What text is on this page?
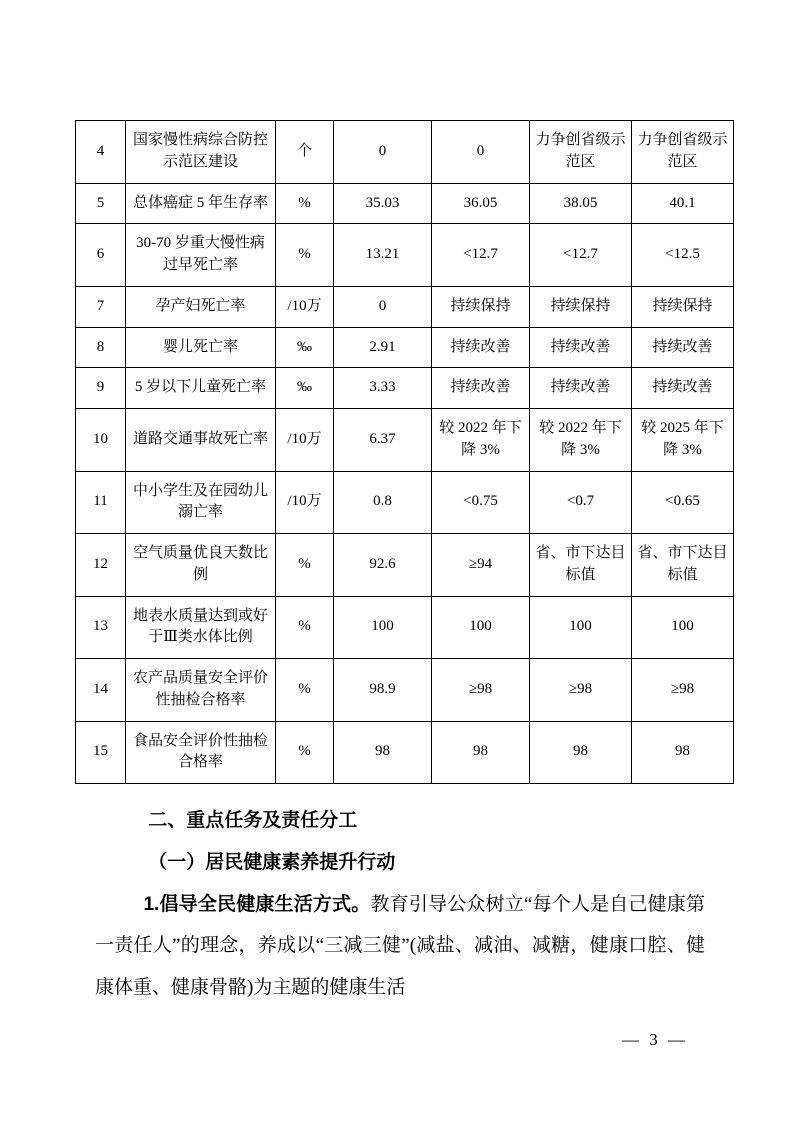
4	国家慢性病综合防控示范区建设	个	0	0	力争创省级示范区	力争创省级示范区
5	总体癌症 5 年生存率	%	35.03	36.05	38.05	40.1
6	30-70 岁重大慢性病过早死亡率	%	13.21	<12.7	<12.7	<12.5
7	孕产妇死亡率	/10万	0	持续保持	持续保持	持续保持
8	婴儿死亡率	‰	2.91	持续改善	持续改善	持续改善
9	5 岁以下儿童死亡率	‰	3.33	持续改善	持续改善	持续改善
10	道路交通事故死亡率	/10万	6.37	较 2022 年下降 3%	较 2022 年下降 3%	较 2025 年下降 3%
11	中小学生及在园幼儿溺亡率	/10万	0.8	<0.75	<0.7	<0.65
12	空气质量优良天数比例	%	92.6	≥94	省、市下达目标值	省、市下达目标值
13	地表水质量达到或好于Ⅲ类水体比例	%	100	100	100	100
14	农产品质量安全评价性抽检合格率	%	98.9	≥98	≥98	≥98
15	食品安全评价性抽检合格率	%	98	98	98	98
二、重点任务及责任分工
（一）居民健康素养提升行动

1.倡导全民健康生活方式。教育引导公众树立“每个人是自己健康第一责任人”的理念，养成以“三减三健”(减盐、减油、减糖，健康口腔、健康体重、健康骨骼)为主题的健康生活

— 3 —
